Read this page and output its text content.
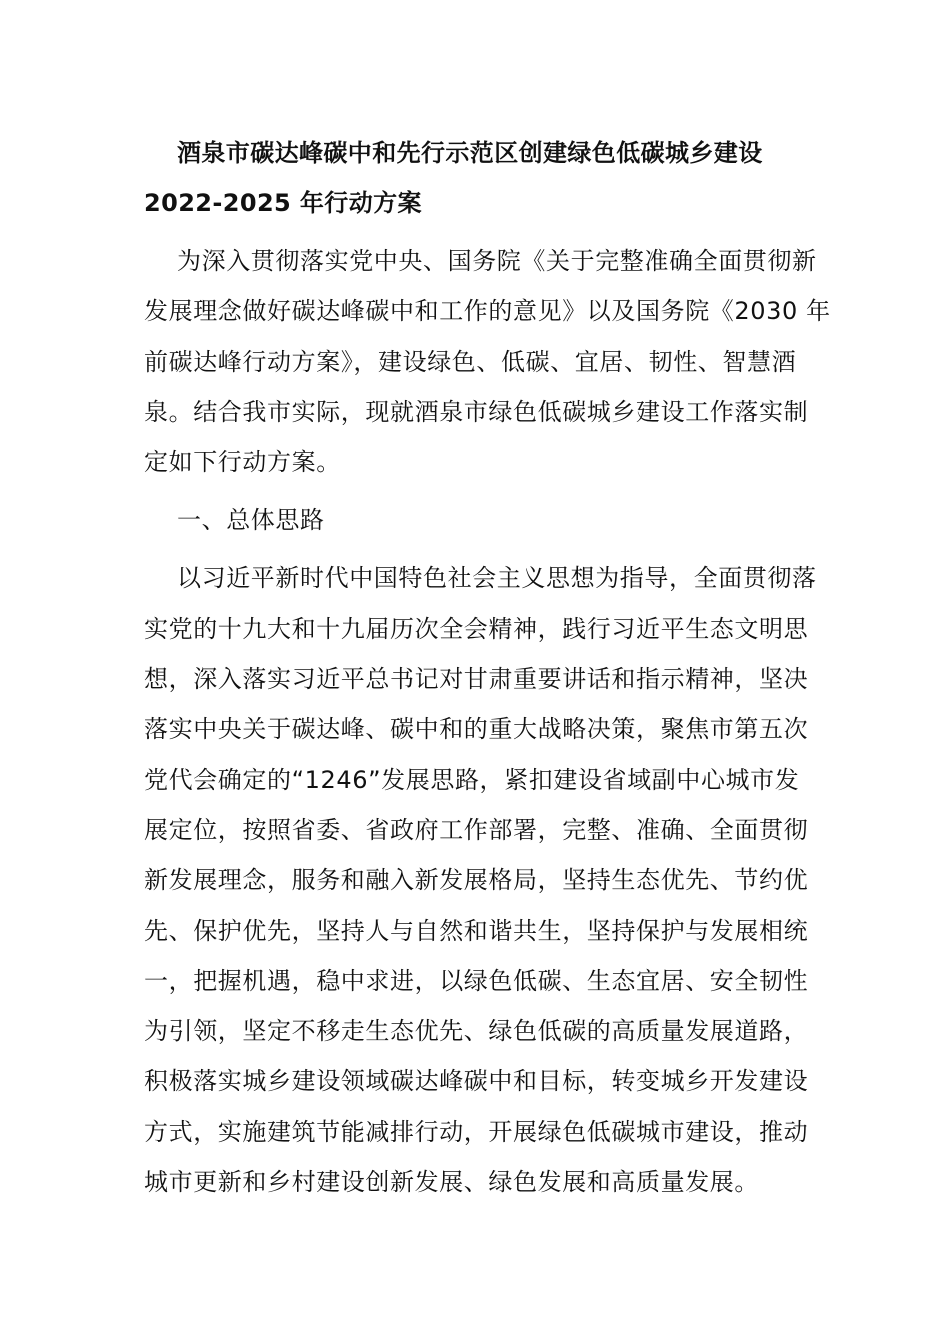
酒泉市碳达峰碳中和先行示范区创建绿色低碳城乡建设
2022-2025 年行动方案
为深入贯彻落实党中央、国务院《关于完整准确全面贯彻新
发展理念做好碳达峰碳中和工作的意见》以及国务院《2030 年
前碳达峰行动方案》，建设绿色、低碳、宜居、韧性、智慧酒
泉。结合我市实际，现就酒泉市绿色低碳城乡建设工作落实制
定如下行动方案。
一、总体思路
以习近平新时代中国特色社会主义思想为指导，全面贯彻落
实党的十九大和十九届历次全会精神，践行习近平生态文明思
想，深入落实习近平总书记对甘肃重要讲话和指示精神，坚决
落实中央关于碳达峰、碳中和的重大战略决策，聚焦市第五次
党代会确定的“1246”发展思路，紧扣建设省域副中心城市发
展定位，按照省委、省政府工作部署，完整、准确、全面贯彻
新发展理念，服务和融入新发展格局，坚持生态优先、节约优
先、保护优先，坚持人与自然和谐共生，坚持保护与发展相统
一，把握机遇，稳中求进，以绿色低碳、生态宜居、安全韧性
为引领，坚定不移走生态优先、绿色低碳的高质量发展道路，
积极落实城乡建设领域碳达峰碳中和目标，转变城乡开发建设
方式，实施建筑节能减排行动，开展绿色低碳城市建设，推动
城市更新和乡村建设创新发展、绿色发展和高质量发展。
